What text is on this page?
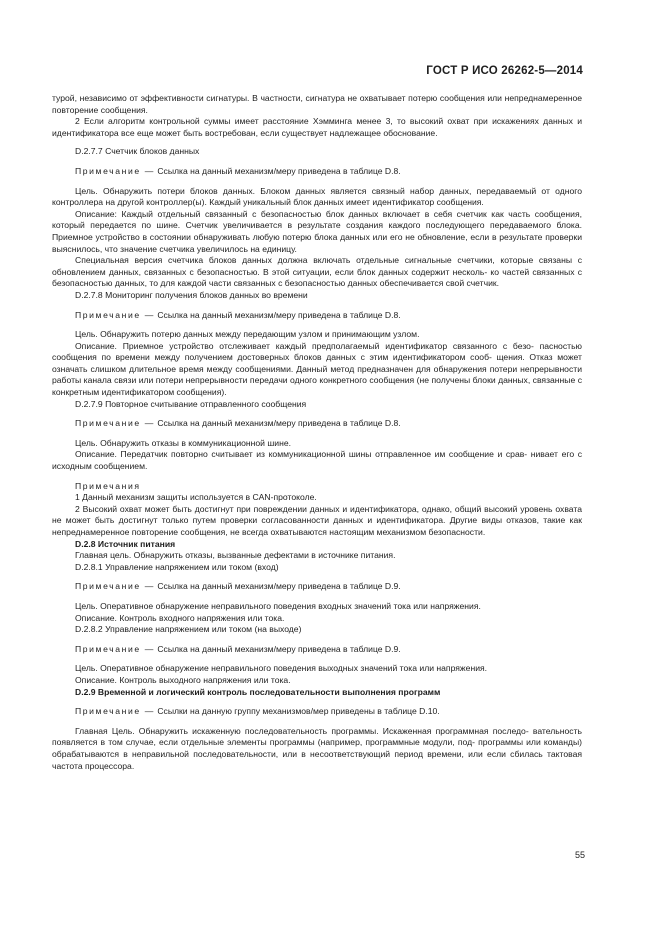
ГОСТ Р ИСО 26262-5—2014

турой, независимо от эффективности сигнатуры. В частности, сигнатура не охватывает потерю сообщения или непреднамеренное повторение сообщения.

2 Если алгоритм контрольной суммы имеет расстояние Хэмминга менее 3, то высокий охват при искажениях данных и идентификатора все еще может быть востребован, если существует надлежащее обоснование.

D.2.7.7 Счетчик блоков данных

Примечание — Ссылка на данный механизм/меру приведена в таблице D.8.

Цель. Обнаружить потери блоков данных. Блоком данных является связный набор данных, передаваемый от одного контроллера на другой контроллер(ы). Каждый уникальный блок данных имеет идентификатор сообщения.

Описание: Каждый отдельный связанный с безопасностью блок данных включает в себя счетчик как часть сообщения, который передается по шине. Счетчик увеличивается в результате создания каждого последующего передаваемого блока. Приемное устройство в состоянии обнаруживать любую потерю блока данных или его не обновление, если в результате проверки выяснилось, что значение счетчика увеличилось на единицу.

Специальная версия счетчика блоков данных должна включать отдельные сигнальные счетчики, которые связаны с обновлением данных, связанных с безопасностью. В этой ситуации, если блок данных содержит несколь- ко частей связанных с безопасностью данных, то для каждой части связанных с безопасностью данных обеспечивается свой счетчик.

D.2.7.8 Мониторинг получения блоков данных во времени

Примечание — Ссылка на данный механизм/меру приведена в таблице D.8.

Цель. Обнаружить потерю данных между передающим узлом и принимающим узлом.

Описание. Приемное устройство отслеживает каждый предполагаемый идентификатор связанного с безо- пасностью сообщения по времени между получением достоверных блоков данных с этим идентификатором сооб- щения. Отказ может означать слишком длительное время между сообщениями. Данный метод предназначен для обнаружения потери непрерывности работы канала связи или потери непрерывности передачи одного конкретного сообщения (не получены блоки данных, связанные с конкретным идентификатором сообщения).

D.2.7.9 Повторное считывание отправленного сообщения

Примечание — Ссылка на данный механизм/меру приведена в таблице D.8.

Цель. Обнаружить отказы в коммуникационной шине.

Описание. Передатчик повторно считывает из коммуникационной шины отправленное им сообщение и срав- нивает его с исходным сообщением.

Примечания

1 Данный механизм защиты используется в CAN-протоколе.

2 Высокий охват может быть достигнут при повреждении данных и идентификатора, однако, общий высокий уровень охвата не может быть достигнут только путем проверки согласованности данных и идентификатора. Другие виды отказов, такие как непреднамеренное повторение сообщения, не всегда охватываются настоящим механизмом безопасности.

D.2.8 Источник питания

Главная цель. Обнаружить отказы, вызванные дефектами в источнике питания.

D.2.8.1 Управление напряжением или током (вход)

Примечание — Ссылка на данный механизм/меру приведена в таблице D.9.

Цель. Оперативное обнаружение неправильного поведения входных значений тока или напряжения.

Описание. Контроль входного напряжения или тока.

D.2.8.2 Управление напряжением или током (на выходе)

Примечание — Ссылка на данный механизм/меру приведена в таблице D.9.

Цель. Оперативное обнаружение неправильного поведения выходных значений тока или напряжения.

Описание. Контроль выходного напряжения или тока.

D.2.9 Временной и логический контроль последовательности выполнения программ

Примечание — Ссылки на данную группу механизмов/мер приведены в таблице D.10.

Главная Цель. Обнаружить искаженную последовательность программы. Искаженная программная последо- вательность появляется в том случае, если отдельные элементы программы (например, программные модули, под- программы или команды) обрабатываются в неправильной последовательности, или в несоответствующий период времени, или если сбилась тактовая частота процессора.

55
